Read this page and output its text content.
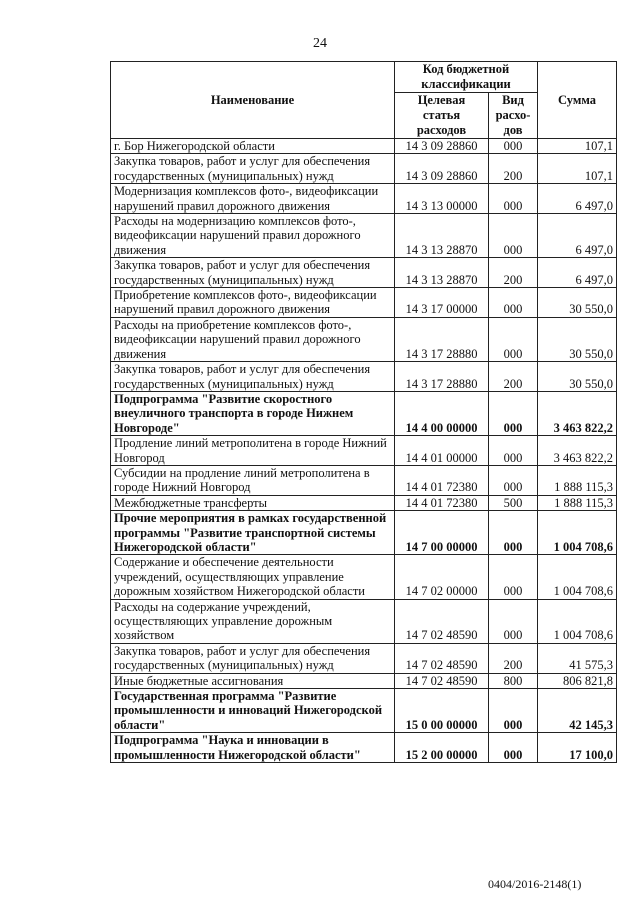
24
Наименование	Код бюджетной классификации		Сумма
	Целевая статья расходов	Вид расхо-дов	
г. Бор Нижегородской области	14 3 09 28860	000	107,1
Закупка товаров, работ и услуг для обеспечения государственных (муниципальных) нужд	14 3 09 28860	200	107,1
Модернизация комплексов фото-, видеофиксации нарушений правил дорожного движения	14 3 13 00000	000	6 497,0
Расходы на модернизацию комплексов фото-, видеофиксации нарушений правил дорожного движения	14 3 13 28870	000	6 497,0
Закупка товаров, работ и услуг для обеспечения государственных (муниципальных) нужд	14 3 13 28870	200	6 497,0
Приобретение комплексов фото-, видеофиксации нарушений правил дорожного движения	14 3 17 00000	000	30 550,0
Расходы на приобретение комплексов фото-, видеофиксации нарушений правил дорожного движения	14 3 17 28880	000	30 550,0
Закупка товаров, работ и услуг для обеспечения государственных (муниципальных) нужд	14 3 17 28880	200	30 550,0
Подпрограмма "Развитие скоростного внеуличного транспорта в городе Нижнем Новгороде"	14 4 00 00000	000	3 463 822,2
Продление линий метрополитена в городе Нижний Новгород	14 4 01 00000	000	3 463 822,2
Субсидии на продление линий метрополитена в городе Нижний Новгород	14 4 01 72380	000	1 888 115,3
Межбюджетные трансферты	14 4 01 72380	500	1 888 115,3
Прочие мероприятия в рамках государственной программы "Развитие транспортной системы Нижегородской области"	14 7 00 00000	000	1 004 708,6
Содержание и обеспечение деятельности учреждений, осуществляющих управление дорожным хозяйством Нижегородской области	14 7 02 00000	000	1 004 708,6
Расходы на содержание учреждений, осуществляющих управление дорожным хозяйством	14 7 02 48590	000	1 004 708,6
Закупка товаров, работ и услуг для обеспечения государственных (муниципальных) нужд	14 7 02 48590	200	41 575,3
Иные бюджетные ассигнования	14 7 02 48590	800	806 821,8
Государственная программа "Развитие промышленности и инноваций Нижегородской области"	15 0 00 00000	000	42 145,3
Подпрограмма "Наука и инновации в промышленности Нижегородской области"	15 2 00 00000	000	17 100,0
0404/2016-2148(1)
